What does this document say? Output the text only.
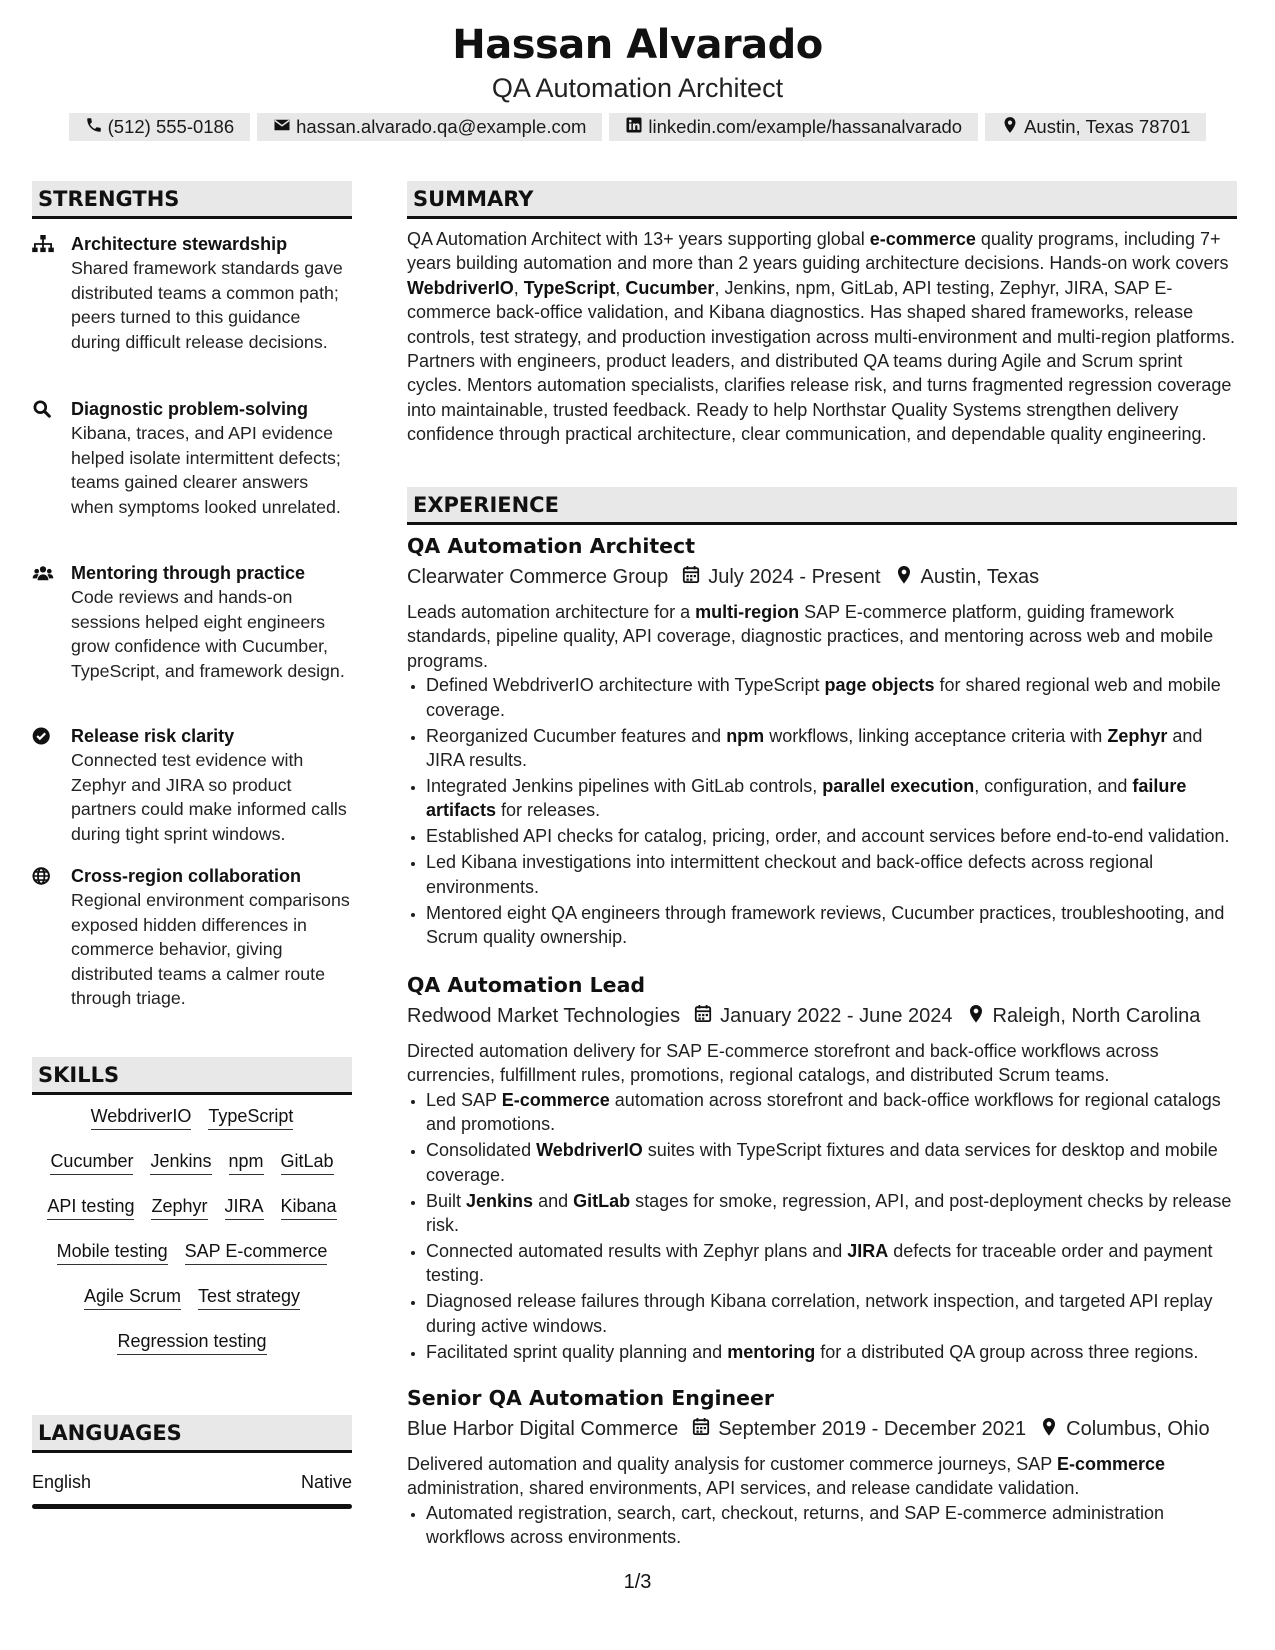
Hassan Alvarado
QA Automation Architect
(512) 555-0186	hassan.alvarado.qa@example.com	linkedin.com/example/hassanalvarado	Austin, Texas 78701
STRENGTHS
Architecture stewardship
Shared framework standards gave distributed teams a common path; peers turned to this guidance during difficult release decisions.
Diagnostic problem-solving
Kibana, traces, and API evidence helped isolate intermittent defects; teams gained clearer answers when symptoms looked unrelated.
Mentoring through practice
Code reviews and hands-on sessions helped eight engineers grow confidence with Cucumber, TypeScript, and framework design.
Release risk clarity
Connected test evidence with Zephyr and JIRA so product partners could make informed calls during tight sprint windows.
Cross-region collaboration
Regional environment comparisons exposed hidden differences in commerce behavior, giving distributed teams a calmer route through triage.
SKILLS
WebdriverIO TypeScript
Cucumber Jenkins npm GitLab
API testing Zephyr JIRA Kibana
Mobile testing SAP E-commerce
Agile Scrum Test strategy
Regression testing
LANGUAGES
English	Native
SUMMARY
QA Automation Architect with 13+ years supporting global e-commerce quality programs, including 7+ years building automation and more than 2 years guiding architecture decisions. Hands-on work covers WebdriverIO, TypeScript, Cucumber, Jenkins, npm, GitLab, API testing, Zephyr, JIRA, SAP E-commerce back-office validation, and Kibana diagnostics. Has shaped shared frameworks, release controls, test strategy, and production investigation across multi-environment and multi-region platforms. Partners with engineers, product leaders, and distributed QA teams during Agile and Scrum sprint cycles. Mentors automation specialists, clarifies release risk, and turns fragmented regression coverage into maintainable, trusted feedback. Ready to help Northstar Quality Systems strengthen delivery confidence through practical architecture, clear communication, and dependable quality engineering.
EXPERIENCE
QA Automation Architect
Clearwater Commerce Group July 2024 - Present Austin, Texas
Leads automation architecture for a multi-region SAP E-commerce platform, guiding framework standards, pipeline quality, API coverage, diagnostic practices, and mentoring across web and mobile programs.
• Defined WebdriverIO architecture with TypeScript page objects for shared regional web and mobile coverage.
• Reorganized Cucumber features and npm workflows, linking acceptance criteria with Zephyr and JIRA results.
• Integrated Jenkins pipelines with GitLab controls, parallel execution, configuration, and failure artifacts for releases.
• Established API checks for catalog, pricing, order, and account services before end-to-end validation.
• Led Kibana investigations into intermittent checkout and back-office defects across regional environments.
• Mentored eight QA engineers through framework reviews, Cucumber practices, troubleshooting, and Scrum quality ownership.
QA Automation Lead
Redwood Market Technologies January 2022 - June 2024 Raleigh, North Carolina
Directed automation delivery for SAP E-commerce storefront and back-office workflows across currencies, fulfillment rules, promotions, regional catalogs, and distributed Scrum teams.
• Led SAP E-commerce automation across storefront and back-office workflows for regional catalogs and promotions.
• Consolidated WebdriverIO suites with TypeScript fixtures and data services for desktop and mobile coverage.
• Built Jenkins and GitLab stages for smoke, regression, API, and post-deployment checks by release risk.
• Connected automated results with Zephyr plans and JIRA defects for traceable order and payment testing.
• Diagnosed release failures through Kibana correlation, network inspection, and targeted API replay during active windows.
• Facilitated sprint quality planning and mentoring for a distributed QA group across three regions.
Senior QA Automation Engineer
Blue Harbor Digital Commerce September 2019 - December 2021 Columbus, Ohio
Delivered automation and quality analysis for customer commerce journeys, SAP E-commerce administration, shared environments, API services, and release candidate validation.
• Automated registration, search, cart, checkout, returns, and SAP E-commerce administration workflows across environments.
1/3
